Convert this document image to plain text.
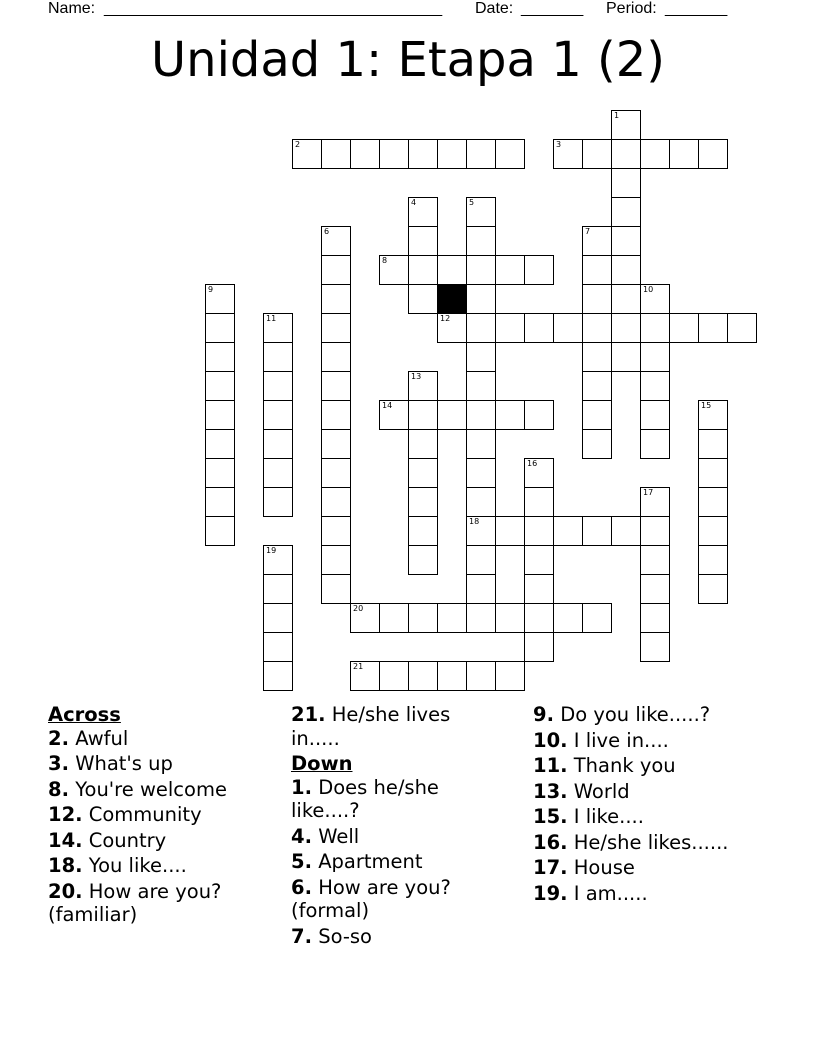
Name: ______________________________________ Date: _______ Period: _______
Unidad 1: Etapa 1 (2)
1
2	3
4	5
18
6	7
8
9	10
11	12
13
14	15
16
17
19
20
21
Across
2. Awful
3. What's up
8. You're welcome
12. Community
14. Country
18. You like....
20. How are you? (familiar)
21. He/she lives in.....
Down
1. Does he/she like....?
4. Well
5. Apartment
6. How are you? (formal)
7. So-so
9. Do you like.....?
10. I live in....
11. Thank you
13. World
15. I like....
16. He/she likes......
17. House
19. I am.....
